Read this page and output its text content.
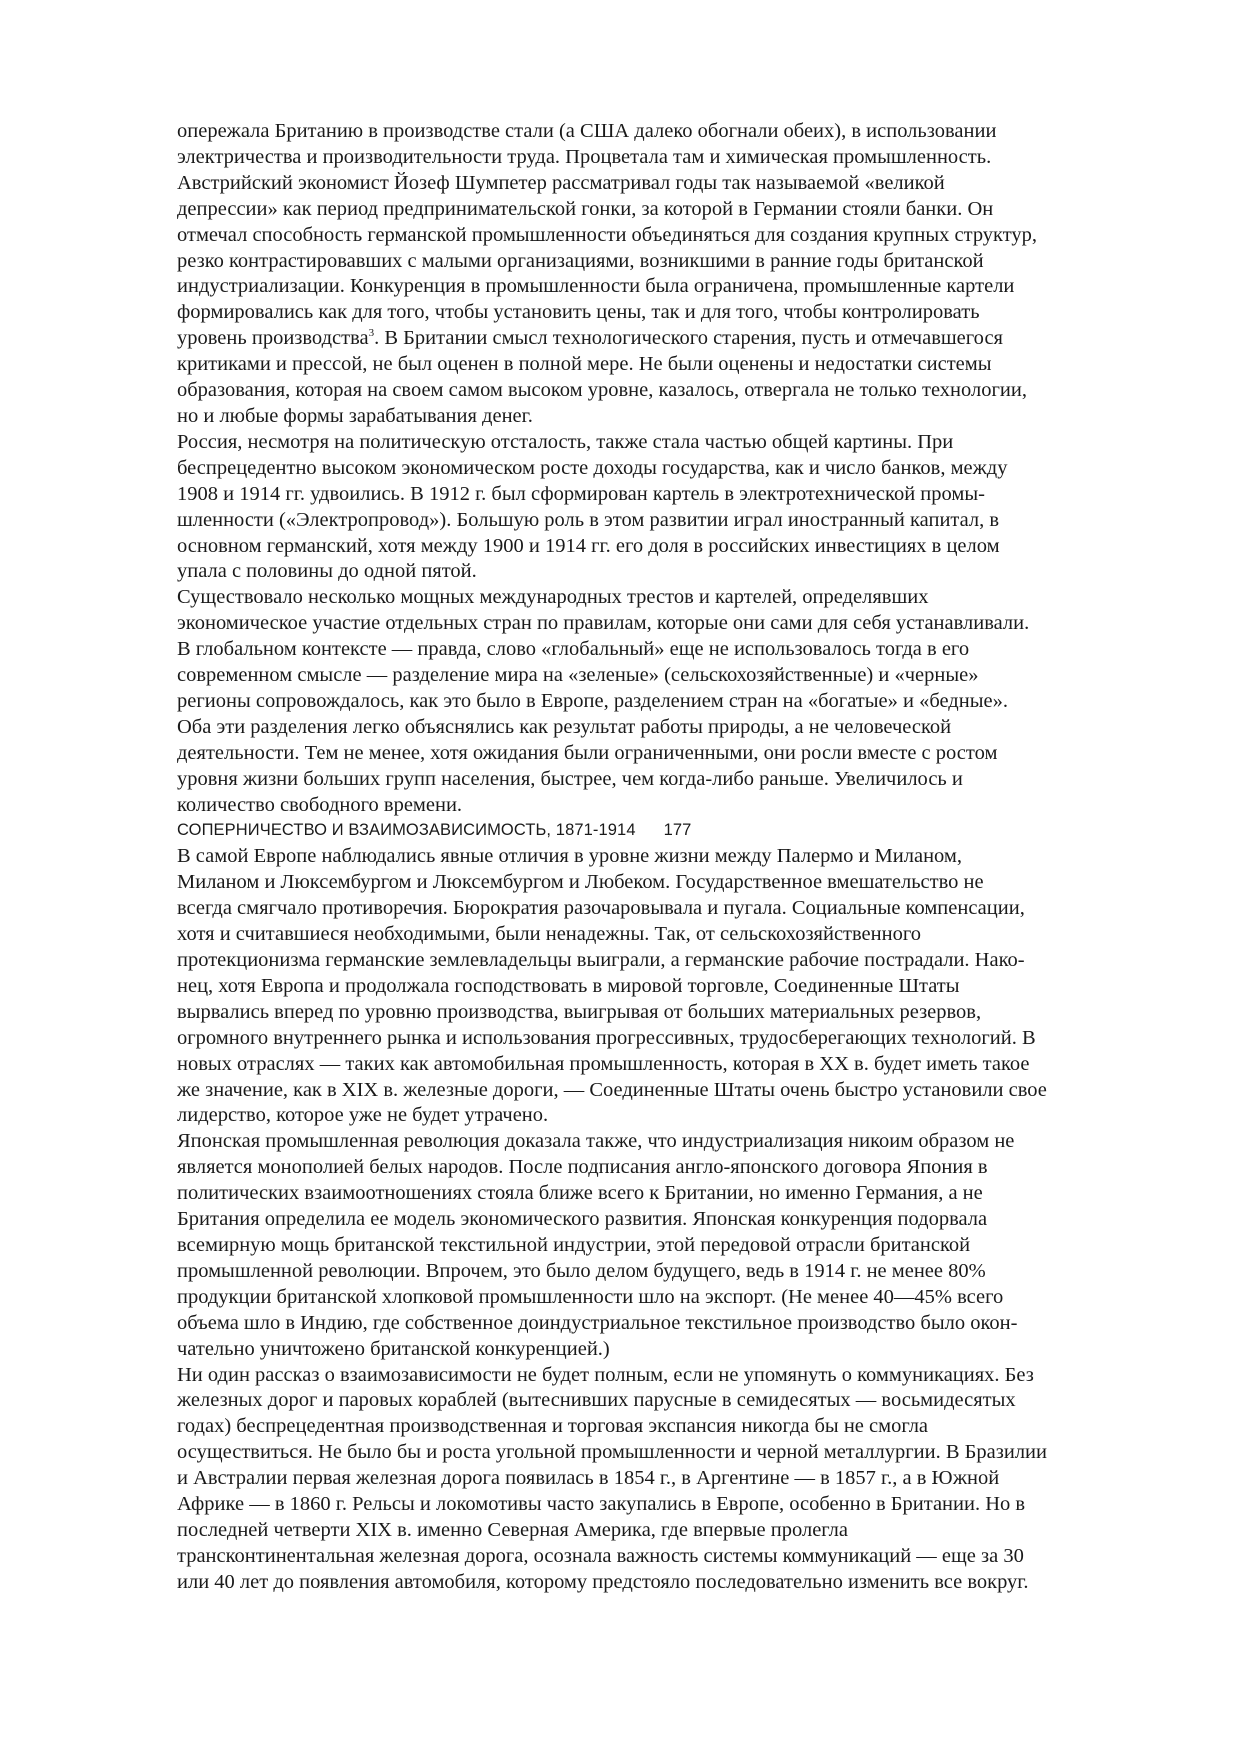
опережала Британию в производстве стали (а США далеко обогнали обеих), в использовании
электричества и производительности труда. Процветала там и химическая промышленность.
Австрийский экономист Йозеф Шумпетер рассматривал годы так называемой «великой
депрессии» как период предпринимательской гонки, за которой в Германии стояли банки. Он
отмечал способность германской промышленности объединяться для создания крупных структур,
резко контрастировавших с малыми организациями, возникшими в ранние годы британской
индустриализации. Конкуренция в промышленности была ограничена, промышленные картели
формировались как для того, чтобы установить цены, так и для того, чтобы контролировать
уровень производства$^3$. В Британии смысл технологического старения, пусть и отмечавшегося
критиками и прессой, не был оценен в полной мере. Не были оценены и недостатки системы
образования, которая на своем самом высоком уровне, казалось, отвергала не только технологии,
но и любые формы зарабатывания денег.
Россия, несмотря на политическую отсталость, также стала частью общей картины. При
беспрецедентно высоком экономическом росте доходы государства, как и число банков, между
1908 и 1914 гг. удвоились. В 1912 г. был сформирован картель в электротехнической промы-
шленности («Электропровод»). Большую роль в этом развитии играл иностранный капитал, в
основном германский, хотя между 1900 и 1914 гг. его доля в российских инвестициях в целом
упала с половины до одной пятой.
Существовало несколько мощных международных трестов и картелей, определявших
экономическое участие отдельных стран по правилам, которые они сами для себя устанавливали.
В глобальном контексте — правда, слово «глобальный» еще не использовалось тогда в его
современном смысле — разделение мира на «зеленые» (сельскохозяйственные) и «черные»
регионы сопровождалось, как это было в Европе, разделением стран на «богатые» и «бедные».
Оба эти разделения легко объяснялись как результат работы природы, а не человеческой
деятельности. Тем не менее, хотя ожидания были ограниченными, они росли вместе с ростом
уровня жизни больших групп населения, быстрее, чем когда-либо раньше. Увеличилось и
количество свободного времени.
СОПЕРНИЧЕСТВО И ВЗАИМОЗАВИСИМОСТЬ, 1871-1914 177
В самой Европе наблюдались явные отличия в уровне жизни между Палермо и Миланом,
Миланом и Люксембургом и Люксембургом и Любеком. Государственное вмешательство не
всегда смягчало противоречия. Бюрократия разочаровывала и пугала. Социальные компенсации,
хотя и считавшиеся необходимыми, были ненадежны. Так, от сельскохозяйственного
протекционизма германские землевладельцы выиграли, а германские рабочие пострадали. Нако-
нец, хотя Европа и продолжала господствовать в мировой торговле, Соединенные Штаты
вырвались вперед по уровню производства, выигрывая от больших материальных резервов,
огромного внутреннего рынка и использования прогрессивных, трудосберегающих технологий. В
новых отраслях — таких как автомобильная промышленность, которая в XX в. будет иметь такое
же значение, как в XIX в. железные дороги, — Соединенные Штаты очень быстро установили свое
лидерство, которое уже не будет утрачено.
Японская промышленная революция доказала также, что индустриализация никоим образом не
является монополией белых народов. После подписания англо-японского договора Япония в
политических взаимоотношениях стояла ближе всего к Британии, но именно Германия, а не
Британия определила ее модель экономического развития. Японская конкуренция подорвала
всемирную мощь британской текстильной индустрии, этой передовой отрасли британской
промышленной революции. Впрочем, это было делом будущего, ведь в 1914 г. не менее 80%
продукции британской хлопковой промышленности шло на экспорт. (Не менее 40—45% всего
объема шло в Индию, где собственное доиндустриальное текстильное производство было окон-
чательно уничтожено британской конкуренцией.)
Ни один рассказ о взаимозависимости не будет полным, если не упомянуть о коммуникациях. Без
железных дорог и паровых кораблей (вытеснивших парусные в семидесятых — восьмидесятых
годах) беспрецедентная производственная и торговая экспансия никогда бы не смогла
осуществиться. Не было бы и роста угольной промышленности и черной металлургии. В Бразилии
и Австралии первая железная дорога появилась в 1854 г., в Аргентине — в 1857 г., а в Южной
Африке — в 1860 г. Рельсы и локомотивы часто закупались в Европе, особенно в Британии. Но в
последней четверти XIX в. именно Северная Америка, где впервые пролегла
трансконтинентальная железная дорога, осознала важность системы коммуникаций — еще за 30
или 40 лет до появления автомобиля, которому предстояло последовательно изменить все вокруг.
